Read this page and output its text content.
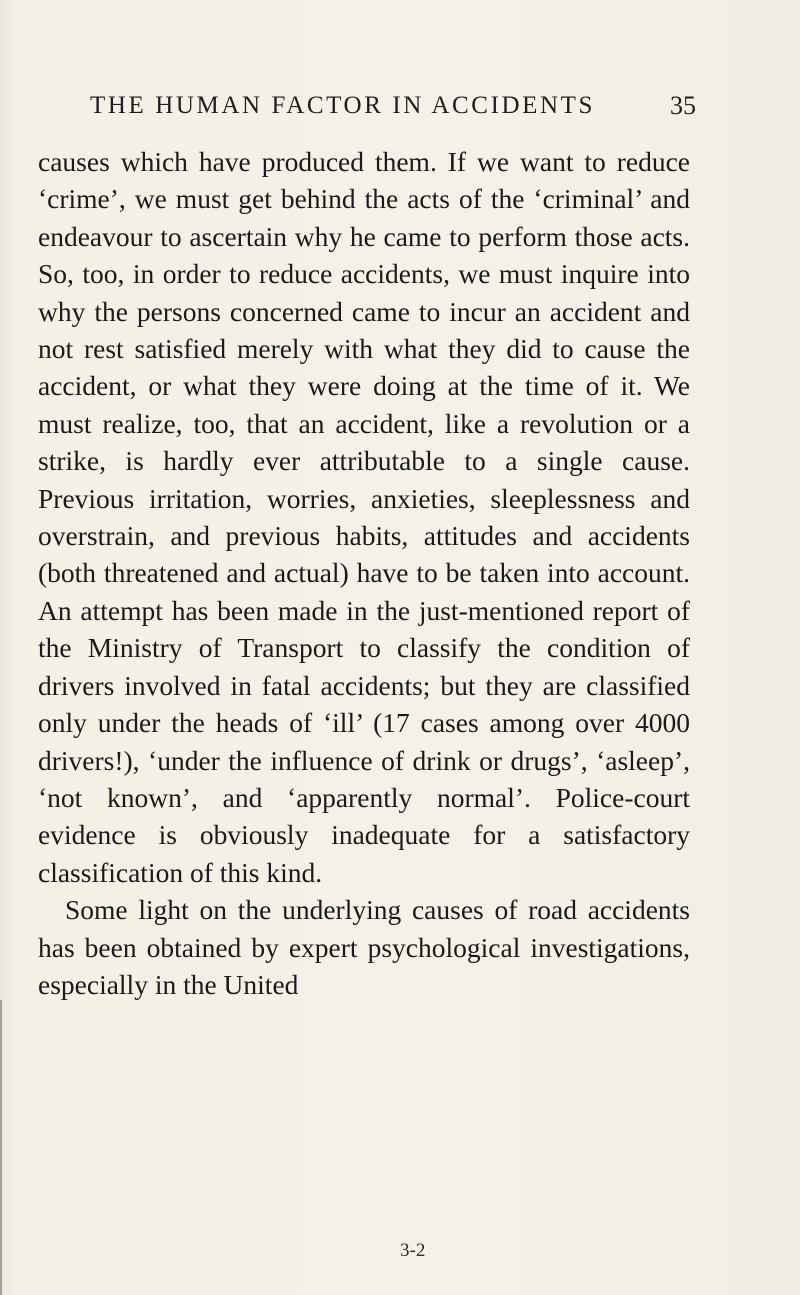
THE HUMAN FACTOR IN ACCIDENTS	35

causes which have produced them. If we want to reduce ‘crime’, we must get behind the acts of the ‘criminal’ and endeavour to ascertain why he came to perform those acts. So, too, in order to reduce accidents, we must inquire into why the persons concerned came to incur an accident and not rest satisfied merely with what they did to cause the accident, or what they were doing at the time of it. We must realize, too, that an accident, like a revolution or a strike, is hardly ever attributable to a single cause. Previous irritation, worries, anxieties, sleeplessness and overstrain, and previous habits, attitudes and accidents (both threatened and actual) have to be taken into account. An attempt has been made in the just-mentioned report of the Ministry of Transport to classify the condition of drivers involved in fatal accidents; but they are classified only under the heads of ‘ill’ (17 cases among over 4000 drivers!), ‘under the influence of drink or drugs’, ‘asleep’, ‘not known’, and ‘apparently normal’. Police-court evidence is obviously inadequate for a satisfactory classification of this kind.

Some light on the underlying causes of road accidents has been obtained by expert psychological investigations, especially in the United

3-2
